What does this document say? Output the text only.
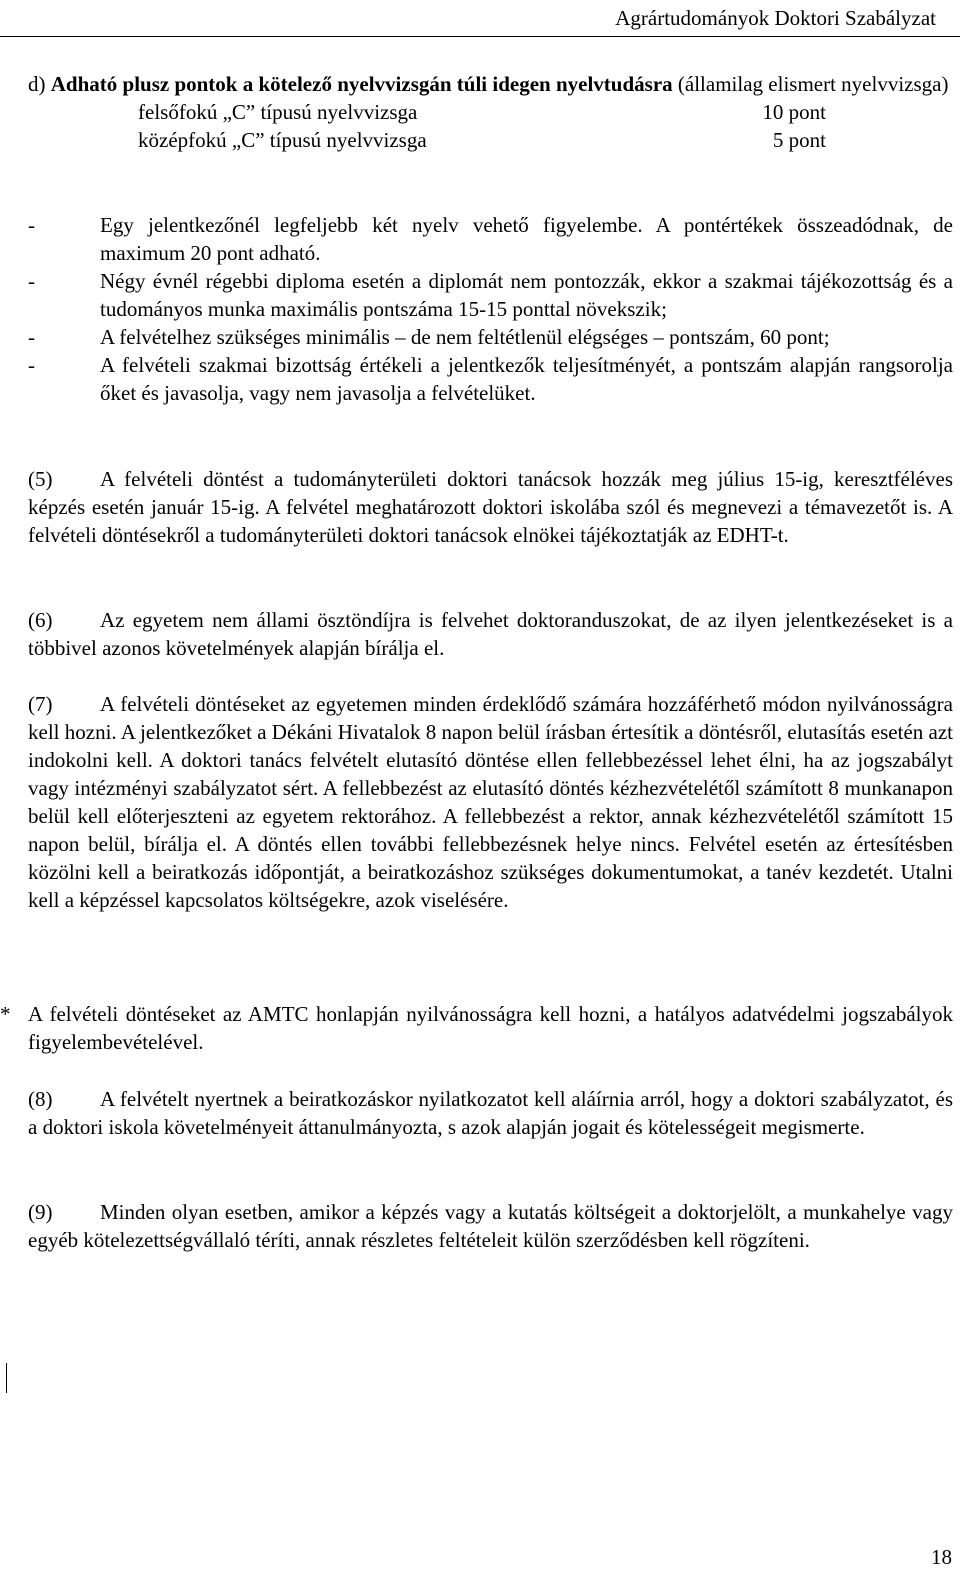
Agrártudományok Doktori Szabályzat
d) Adható plusz pontok a kötelező nyelvvizsgán túli idegen nyelvtudásra (államilag elismert nyelvvizsga)
felsőfokú „C” típusú nyelvvizsga	10 pont
középfokú „C” típusú nyelvvizsga	5 pont
-	Egy jelentkezőnél legfeljebb két nyelv vehető figyelembe. A pontértékek összeadódnak, de maximum 20 pont adható.
-	Négy évnél régebbi diploma esetén a diplomát nem pontozzák, ekkor a szakmai tájékozottság és a tudományos munka maximális pontszáma 15-15 ponttal növekszik;
-	A felvételhez szükséges minimális – de nem feltétlenül elégséges – pontszám, 60 pont;
-	A felvételi szakmai bizottság értékeli a jelentkezők teljesítményét, a pontszám alapján rangsorolja őket és javasolja, vagy nem javasolja a felvételüket.
(5) A felvételi döntést a tudományterületi doktori tanácsok hozzák meg július 15-ig, keresztféléves képzés esetén január 15-ig. A felvétel meghatározott doktori iskolába szól és megnevezi a témavezetőt is. A felvételi döntésekről a tudományterületi doktori tanácsok elnökei tájékoztatják az EDHT-t.
(6) Az egyetem nem állami ösztöndíjra is felvehet doktoranduszokat, de az ilyen jelentkezéseket is a többivel azonos követelmények alapján bírálja el.
(7) A felvételi döntéseket az egyetemen minden érdeklődő számára hozzáférhető módon nyilvánosságra kell hozni. A jelentkezőket a Dékáni Hivatalok 8 napon belül írásban értesítik a döntésről, elutasítás esetén azt indokolni kell. A doktori tanács felvételt elutasító döntése ellen fellebbezéssel lehet élni, ha az jogszabályt vagy intézményi szabályzatot sért. A fellebbezést az elutasító döntés kézhezvételétől számított 8 munkanapon belül kell előterjeszteni az egyetem rektorához. A fellebbezést a rektor, annak kézhezvételétől számított 15 napon belül, bírálja el. A döntés ellen további fellebbezésnek helye nincs. Felvétel esetén az értesítésben közölni kell a beiratkozás időpontját, a beiratkozáshoz szükséges dokumentumokat, a tanév kezdetét. Utalni kell a képzéssel kapcsolatos költségekre, azok viselésére.
* A felvételi döntéseket az AMTC honlapján nyilvánosságra kell hozni, a hatályos adatvédelmi jogszabályok figyelembevételével.
(8) A felvételt nyertnek a beiratkozáskor nyilatkozatot kell aláírnia arról, hogy a doktori szabályzatot, és a doktori iskola követelményeit áttanulmányozta, s azok alapján jogait és kötelességeit megismerte.
(9) Minden olyan esetben, amikor a képzés vagy a kutatás költségeit a doktorjelölt, a munkahelye vagy egyéb kötelezettségvállaló téríti, annak részletes feltételeit külön szerződésben kell rögzíteni.
18
